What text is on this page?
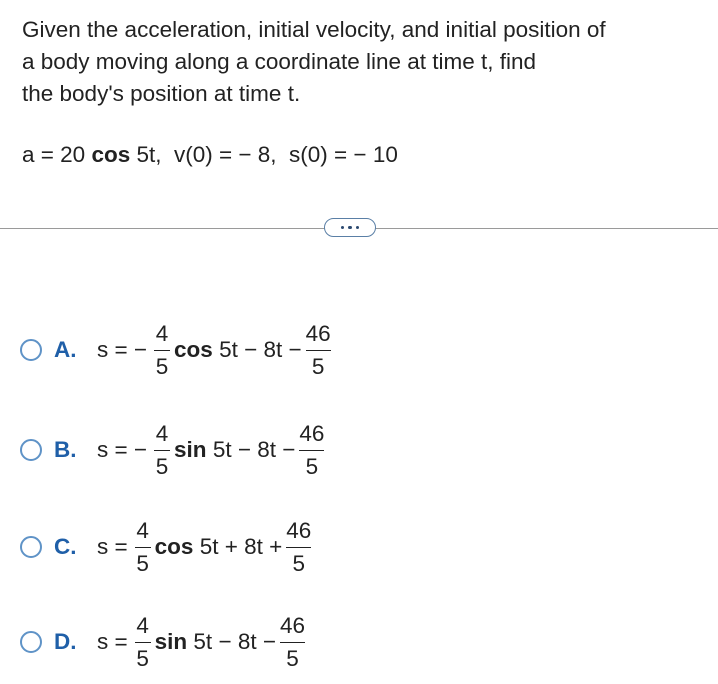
Given the acceleration, initial velocity, and initial position of
a body moving along a coordinate line at time t, find
the body's position at time t.
a = 20 cos 5t,  v(0) = − 8,  s(0) = − 10
A. s = − $\frac{4}{5}$ $\cos 5t - 8t - \frac{46}{5}$
B. s = − $\frac{4}{5}$ $\sin 5t - 8t - \frac{46}{5}$
C. $s = \frac{4}{5}$ $\cos 5t + 8t + \frac{46}{5}$
D. $s = \frac{4}{5}$ $\sin 5t - 8t - \frac{46}{5}$
